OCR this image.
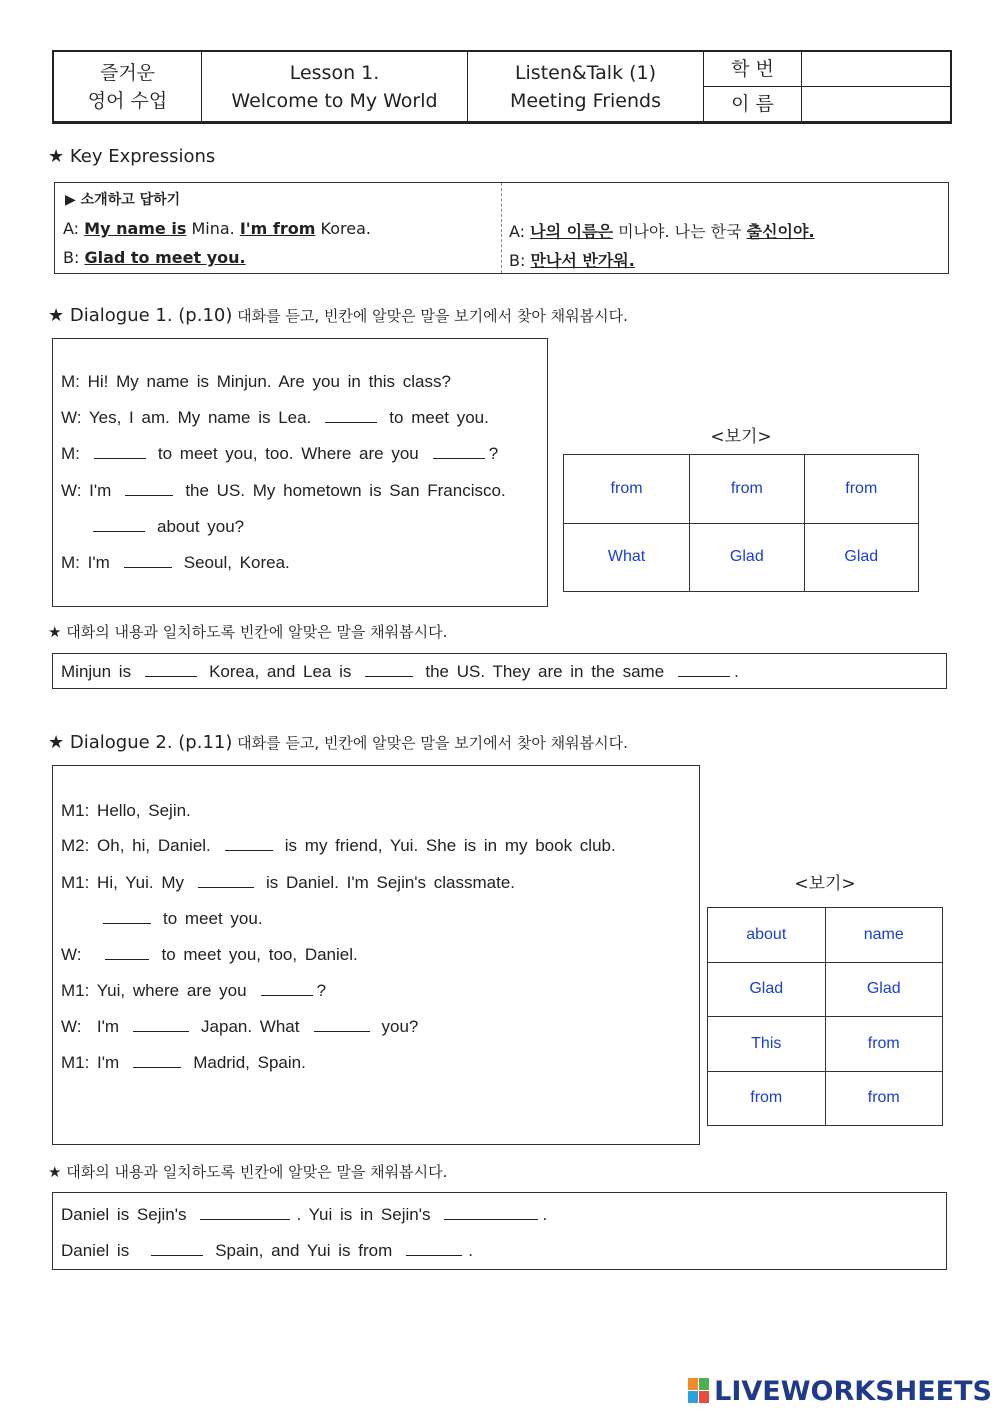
즐거운
영어 수업
Lesson 1.
Welcome to My World
Listen&Talk (1)
Meeting Friends
학 번
이 름
★ Key Expressions
▶ 소개하고 답하기
A: My name is Mina. I'm from Korea.
B: Glad to meet you.
A: 나의 이름은 미나야. 나는 한국 출신이야.
B: 만나서 반가워.
★ Dialogue 1. (p.10) 대화를 듣고, 빈칸에 알맞은 말을 보기에서 찾아 채워봅시다.
M: Hi! My name is Minjun. Are you in this class?
W: Yes, I am. My name is Lea.	to meet you.
M:	to meet you, too. Where are you	?
W: I'm	the US. My hometown is San Francisco.
about you?
M: I'm	Seoul, Korea.
<보기>
from	from	from
What	Glad	Glad
★ 대화의 내용과 일치하도록 빈칸에 알맞은 말을 채워봅시다.
Minjun is	Korea, and Lea is	the US. They are in the same	.
★ Dialogue 2. (p.11) 대화를 듣고, 빈칸에 알맞은 말을 보기에서 찾아 채워봅시다.
M1: Hello, Sejin.
M2: Oh, hi, Daniel.	is my friend, Yui. She is in my book club.
M1: Hi, Yui. My	is Daniel. I'm Sejin's classmate.
to meet you.
W:	to meet you, too, Daniel.
M1: Yui, where are you	?
W:  I'm	Japan. What	you?
M1: I'm	Madrid, Spain.
<보기>
about	name
Glad	Glad
This	from
from	from
★ 대화의 내용과 일치하도록 빈칸에 알맞은 말을 채워봅시다.
Daniel is Sejin's	. Yui is in Sejin's	.
Daniel is	Spain, and Yui is from	.
LIVEWORKSHEETS
